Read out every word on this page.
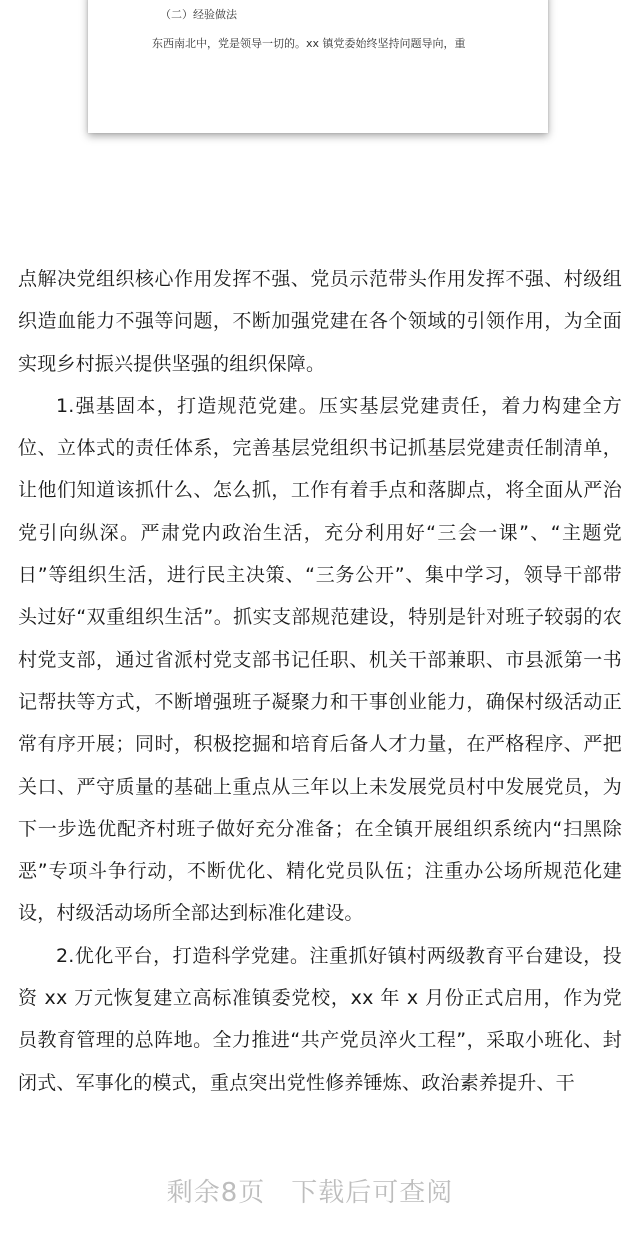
（二）经验做法
东西南北中，党是领导一切的。xx 镇党委始终坚持问题导向，重

点解决党组织核心作用发挥不强、党员示范带头作用发挥不强、村级组织造血能力不强等问题，不断加强党建在各个领域的引领作用，为全面实现乡村振兴提供坚强的组织保障。

1.强基固本，打造规范党建。压实基层党建责任，着力构建全方位、立体式的责任体系，完善基层党组织书记抓基层党建责任制清单，让他们知道该抓什么、怎么抓，工作有着手点和落脚点，将全面从严治党引向纵深。严肃党内政治生活，充分利用好“三会一课”、“主题党日”等组织生活，进行民主决策、“三务公开”、集中学习，领导干部带头过好“双重组织生活”。抓实支部规范建设，特别是针对班子较弱的农村党支部，通过省派村党支部书记任职、机关干部兼职、市县派第一书记帮扶等方式，不断增强班子凝聚力和干事创业能力，确保村级活动正常有序开展；同时，积极挖掘和培育后备人才力量，在严格程序、严把关口、严守质量的基础上重点从三年以上未发展党员村中发展党员，为下一步选优配齐村班子做好充分准备；在全镇开展组织系统内“扫黑除恶”专项斗争行动，不断优化、精化党员队伍；注重办公场所规范化建设，村级活动场所全部达到标准化建设。

2.优化平台，打造科学党建。注重抓好镇村两级教育平台建设，投资 xx 万元恢复建立高标准镇委党校，xx 年 x 月份正式启用，作为党员教育管理的总阵地。全力推进“共产党员淬火工程”，采取小班化、封闭式、军事化的模式，重点突出党性修养锤炼、政治素养提升、干

剩余8页 下载后可查阅
